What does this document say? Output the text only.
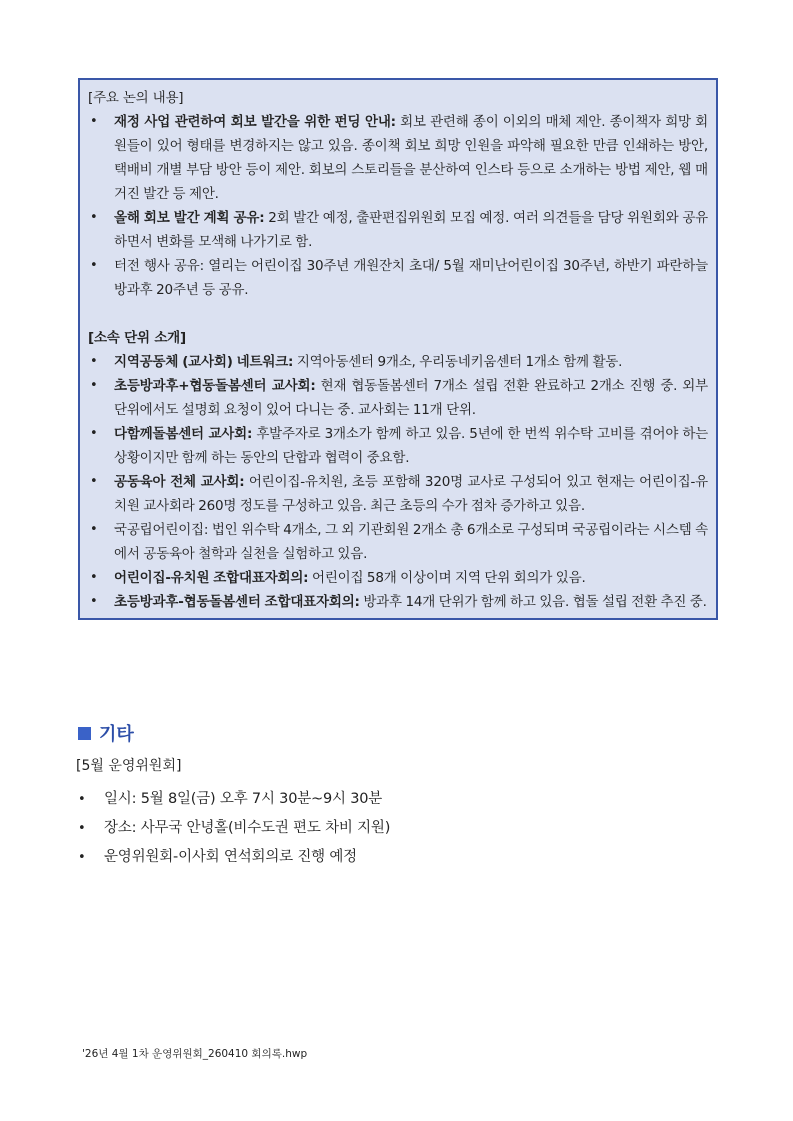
[주요 논의 내용]
• 재정 사업 관련하여 회보 발간을 위한 펀딩 안내: 회보 관련해 종이 이외의 매체 제안. 종이책자 희망 회원들이 있어 형태를 변경하지는 않고 있음. 종이책 회보 희망 인원을 파악해 필요한 만큼 인쇄하는 방안, 택배비 개별 부담 방안 등이 제안. 회보의 스토리들을 분산하여 인스타 등으로 소개하는 방법 제안, 웹 매거진 발간 등 제안.
• 올해 회보 발간 계획 공유: 2회 발간 예정, 출판편집위원회 모집 예정. 여러 의견들을 담당 위원회와 공유하면서 변화를 모색해 나가기로 함.
• 터전 행사 공유: 열리는 어린이집 30주년 개원잔치 초대/ 5월 재미난어린이집 30주년, 하반기 파란하늘방과후 20주년 등 공유.
[소속 단위 소개]
• 지역공동체 (교사회) 네트워크: 지역아동센터 9개소, 우리동네키움센터 1개소 함께 활동.
• 초등방과후+협동돌봄센터 교사회: 현재 협동돌봄센터 7개소 설립 전환 완료하고 2개소 진행 중. 외부 단위에서도 설명회 요청이 있어 다니는 중. 교사회는 11개 단위.
• 다함께돌봄센터 교사회: 후발주자로 3개소가 함께 하고 있음. 5년에 한 번씩 위수탁 고비를 겪어야 하는 상황이지만 함께 하는 동안의 단합과 협력이 중요함.
• 공동육아 전체 교사회: 어린이집-유치원, 초등 포함해 320명 교사로 구성되어 있고 현재는 어린이집-유치원 교사회라 260명 정도를 구성하고 있음. 최근 초등의 수가 점차 증가하고 있음.
• 국공립어린이집: 법인 위수탁 4개소, 그 외 기관회원 2개소 총 6개소로 구성되며 국공립이라는 시스템 속에서 공동육아 철학과 실천을 실험하고 있음.
• 어린이집-유치원 조합대표자회의: 어린이집 58개 이상이며 지역 단위 회의가 있음.
• 초등방과후-협동돌봄센터 조합대표자회의: 방과후 14개 단위가 함께 하고 있음. 협돌 설립 전환 추진 중.
기타
[5월 운영위원회]
• 일시: 5월 8일(금) 오후 7시 30분~9시 30분
• 장소: 사무국 안녕홀(비수도권 편도 차비 지원)
• 운영위원회-이사회 연석회의로 진행 예정
'26년 4월 1차 운영위원회_260410 회의록.hwp
